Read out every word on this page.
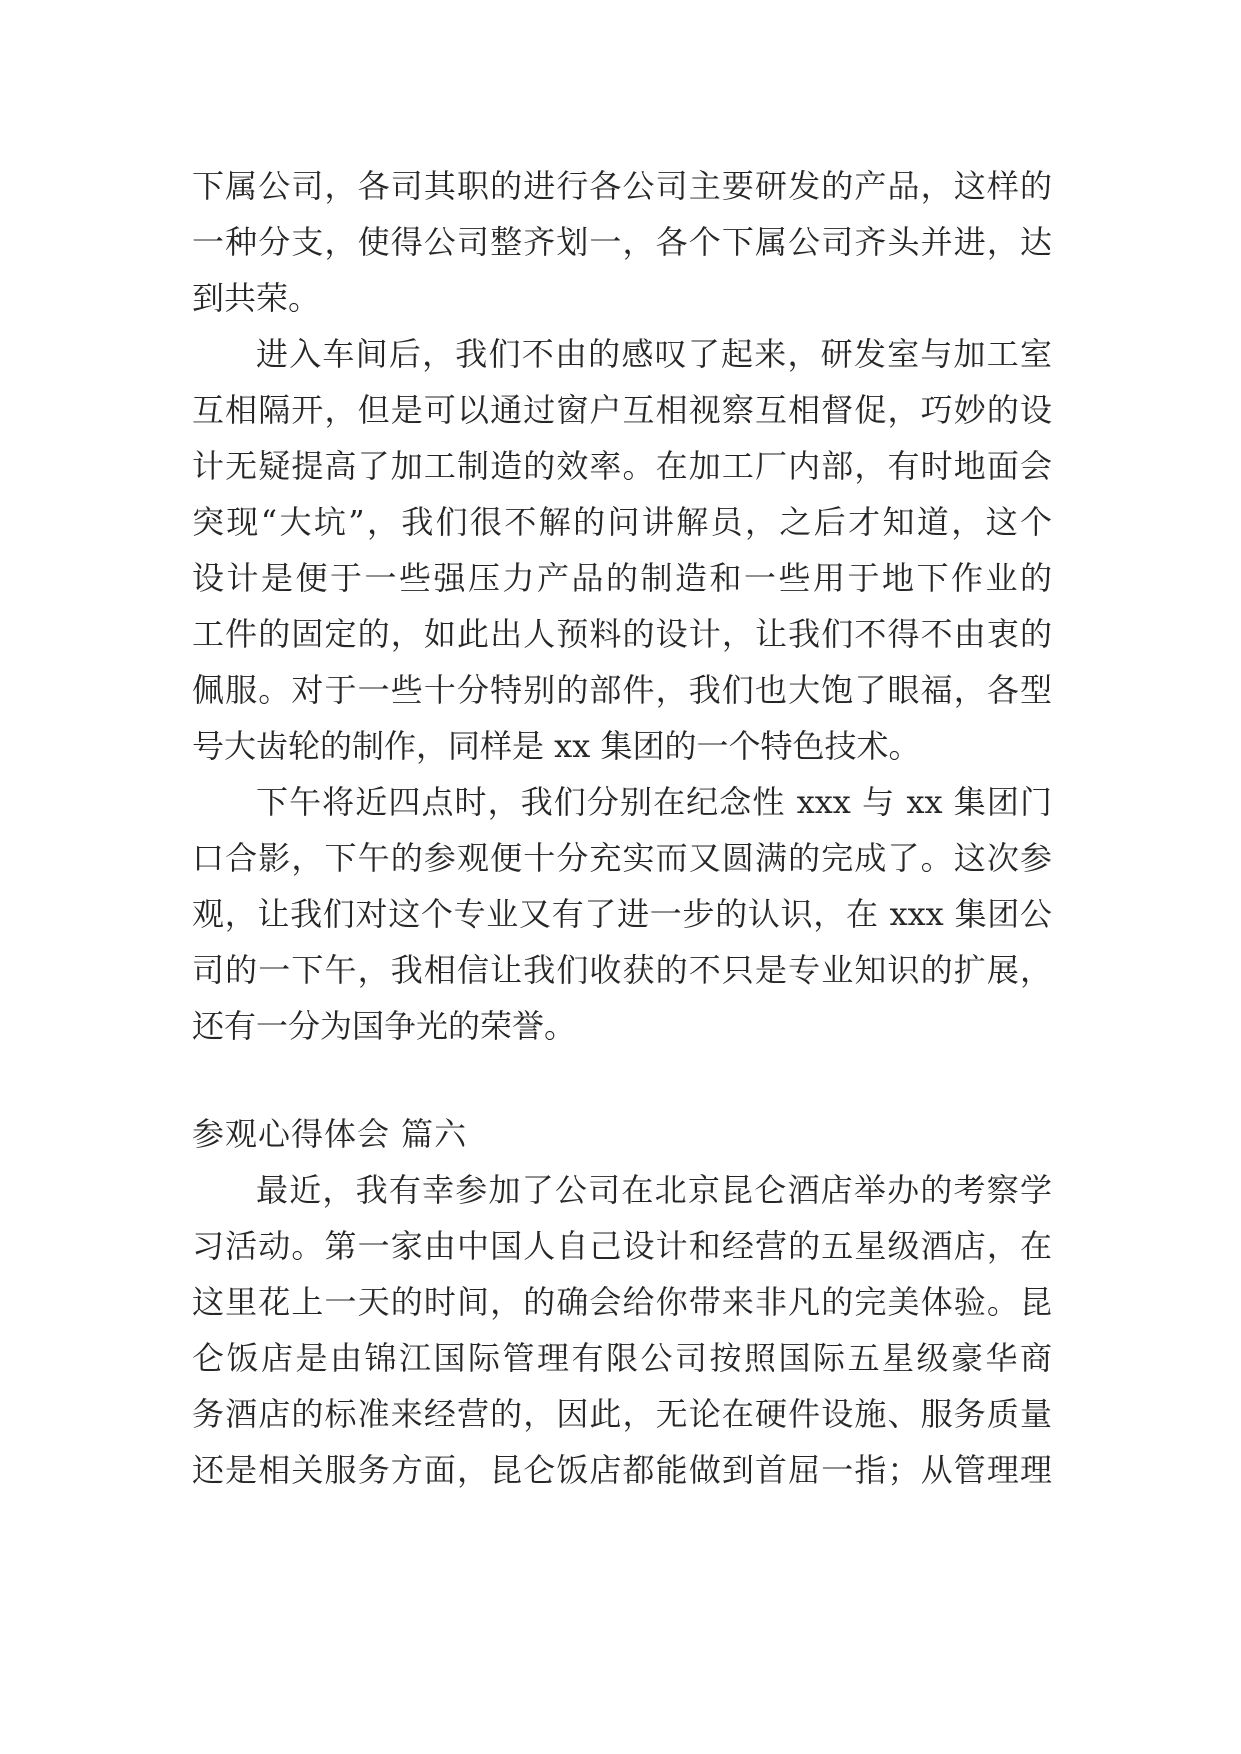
下属公司，各司其职的进行各公司主要研发的产品，这样的
一种分支，使得公司整齐划一，各个下属公司齐头并进，达
到共荣。
进入车间后，我们不由的感叹了起来，研发室与加工室
互相隔开，但是可以通过窗户互相视察互相督促，巧妙的设
计无疑提高了加工制造的效率。在加工厂内部，有时地面会
突现“大坑”，我们很不解的问讲解员，之后才知道，这个
设计是便于一些强压力产品的制造和一些用于地下作业的
工件的固定的，如此出人预料的设计，让我们不得不由衷的
佩服。对于一些十分特别的部件，我们也大饱了眼福，各型
号大齿轮的制作，同样是 xx 集团的一个特色技术。
下午将近四点时，我们分别在纪念性 xxx 与 xx 集团门
口合影，下午的参观便十分充实而又圆满的完成了。这次参
观，让我们对这个专业又有了进一步的认识，在 xxx 集团公
司的一下午，我相信让我们收获的不只是专业知识的扩展，
还有一分为国争光的荣誉。
参观心得体会 篇六
最近，我有幸参加了公司在北京昆仑酒店举办的考察学
习活动。第一家由中国人自己设计和经营的五星级酒店，在
这里花上一天的时间，的确会给你带来非凡的完美体验。昆
仑饭店是由锦江国际管理有限公司按照国际五星级豪华商
务酒店的标准来经营的，因此，无论在硬件设施、服务质量
还是相关服务方面，昆仑饭店都能做到首屈一指；从管理理
